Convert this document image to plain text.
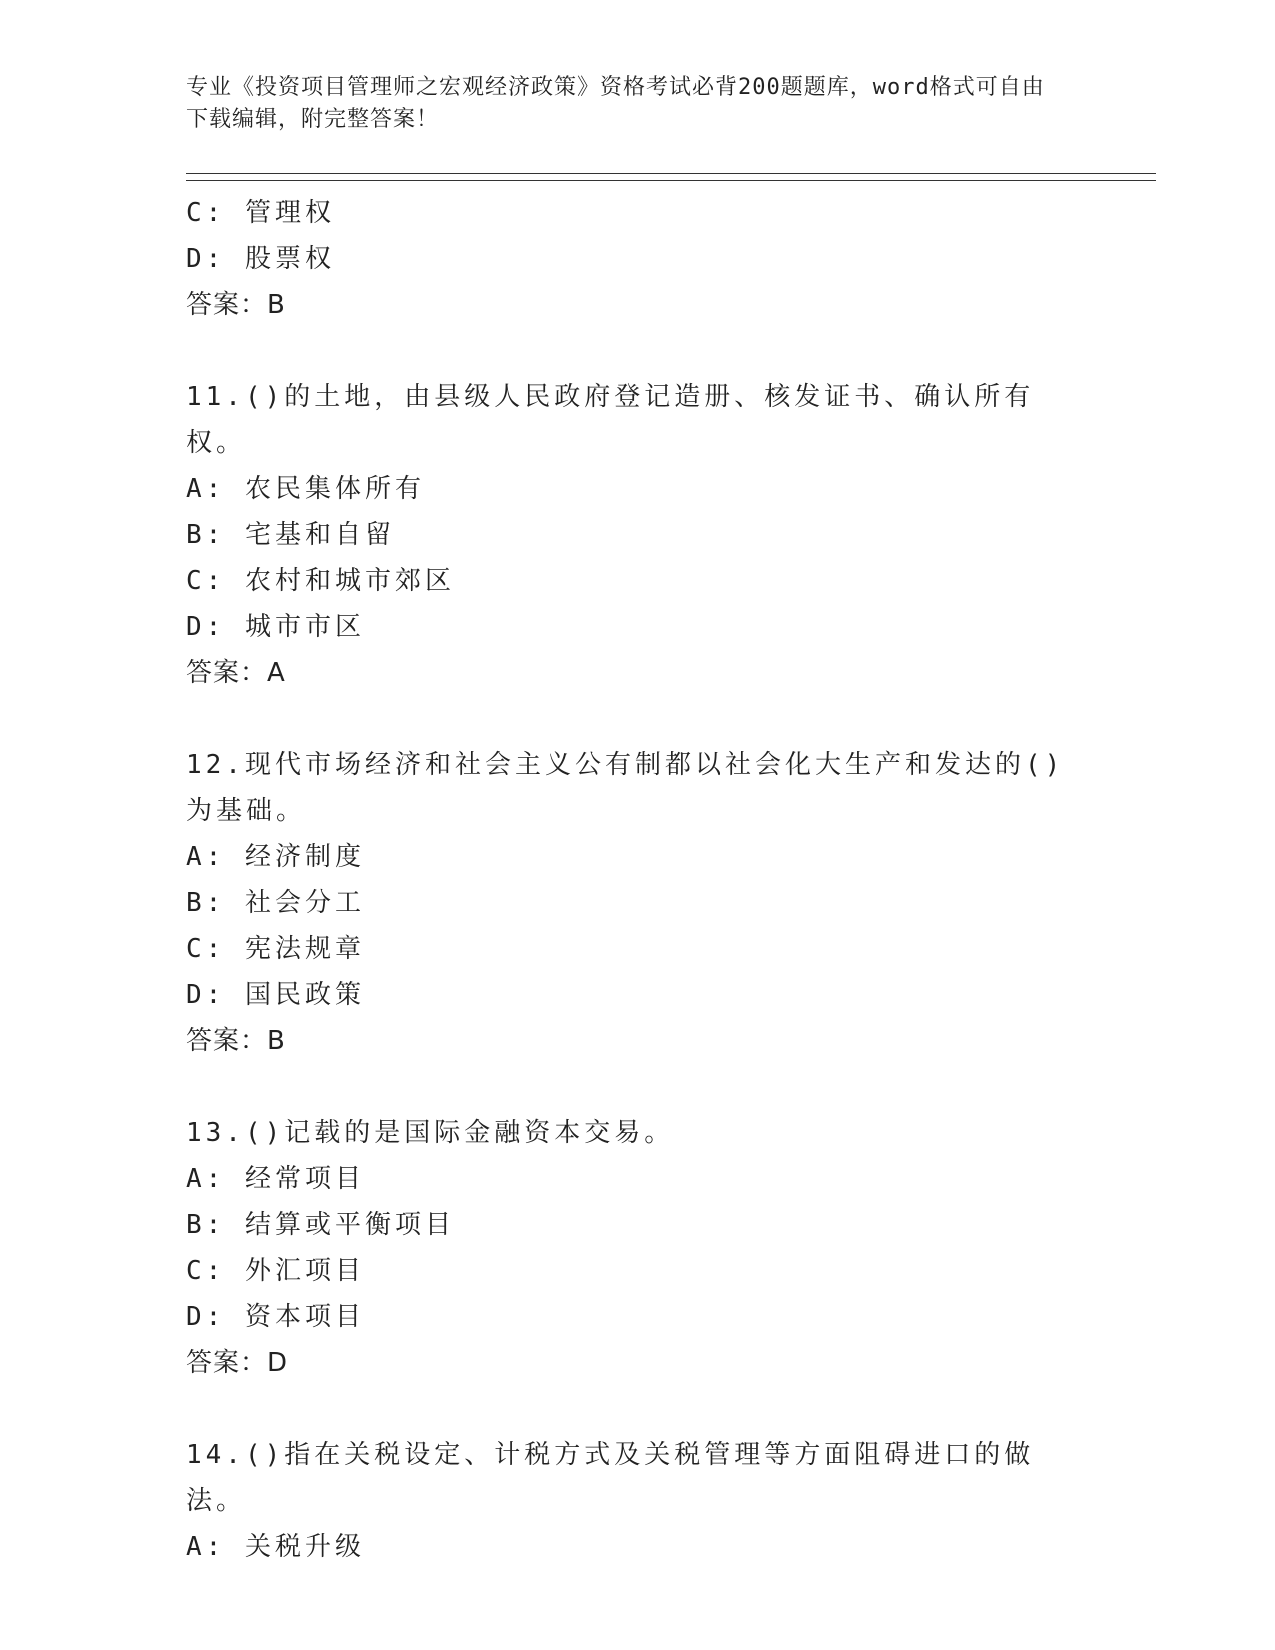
专业《投资项目管理师之宏观经济政策》资格考试必背200题题库，word格式可自由下载编辑，附完整答案！
C: 管理权
D: 股票权
答案：B
11.()的土地，由县级人民政府登记造册、核发证书、确认所有权。
A: 农民集体所有
B: 宅基和自留
C: 农村和城市郊区
D: 城市市区
答案：A
12.现代市场经济和社会主义公有制都以社会化大生产和发达的()为基础。
A: 经济制度
B: 社会分工
C: 宪法规章
D: 国民政策
答案：B
13.()记载的是国际金融资本交易。
A: 经常项目
B: 结算或平衡项目
C: 外汇项目
D: 资本项目
答案：D
14.()指在关税设定、计税方式及关税管理等方面阻碍进口的做法。
A: 关税升级
